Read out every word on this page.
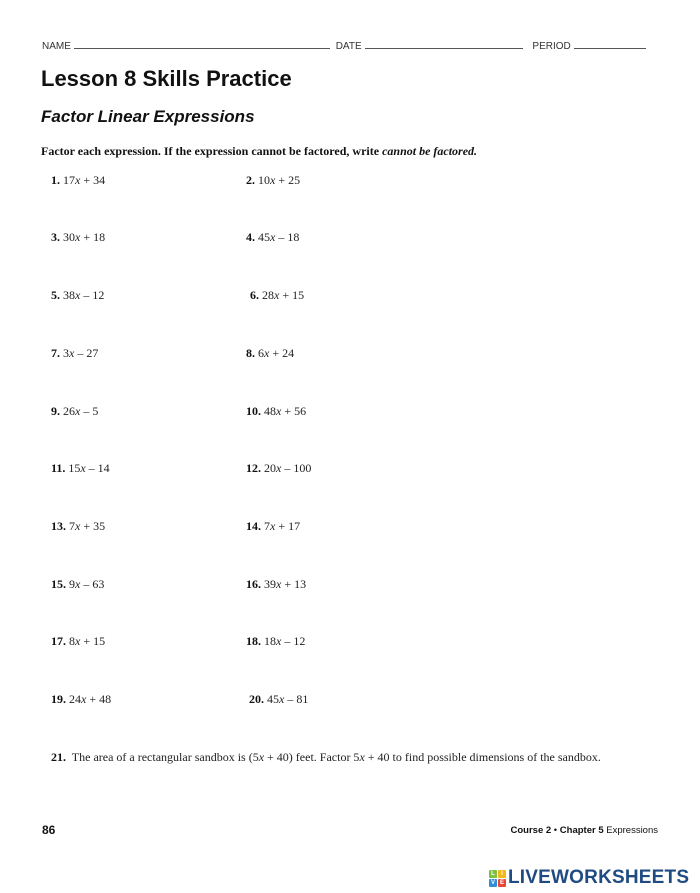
NAME	DATE	PERIOD
Lesson 8 Skills Practice
Factor Linear Expressions
Factor each expression. If the expression cannot be factored, write cannot be factored.
1. 17x + 34	2. 10x + 25
3. 30x + 18	4. 45x – 18
5. 38x – 12	6. 28x + 15
7. 3x – 27	8. 6x + 24
9. 26x – 5	10. 48x + 56
11. 15x – 14	12. 20x – 100
13. 7x + 35	14. 7x + 17
15. 9x – 63	16. 39x + 13
17. 8x + 15	18. 18x – 12
19. 24x + 48	20. 45x – 81
21. The area of a rectangular sandbox is (5x + 40) feet. Factor 5x + 40 to find possible dimensions of the sandbox.
86	Course 2 • Chapter 5 Expressions
L	I
V E LIVEWORKSHEETS
